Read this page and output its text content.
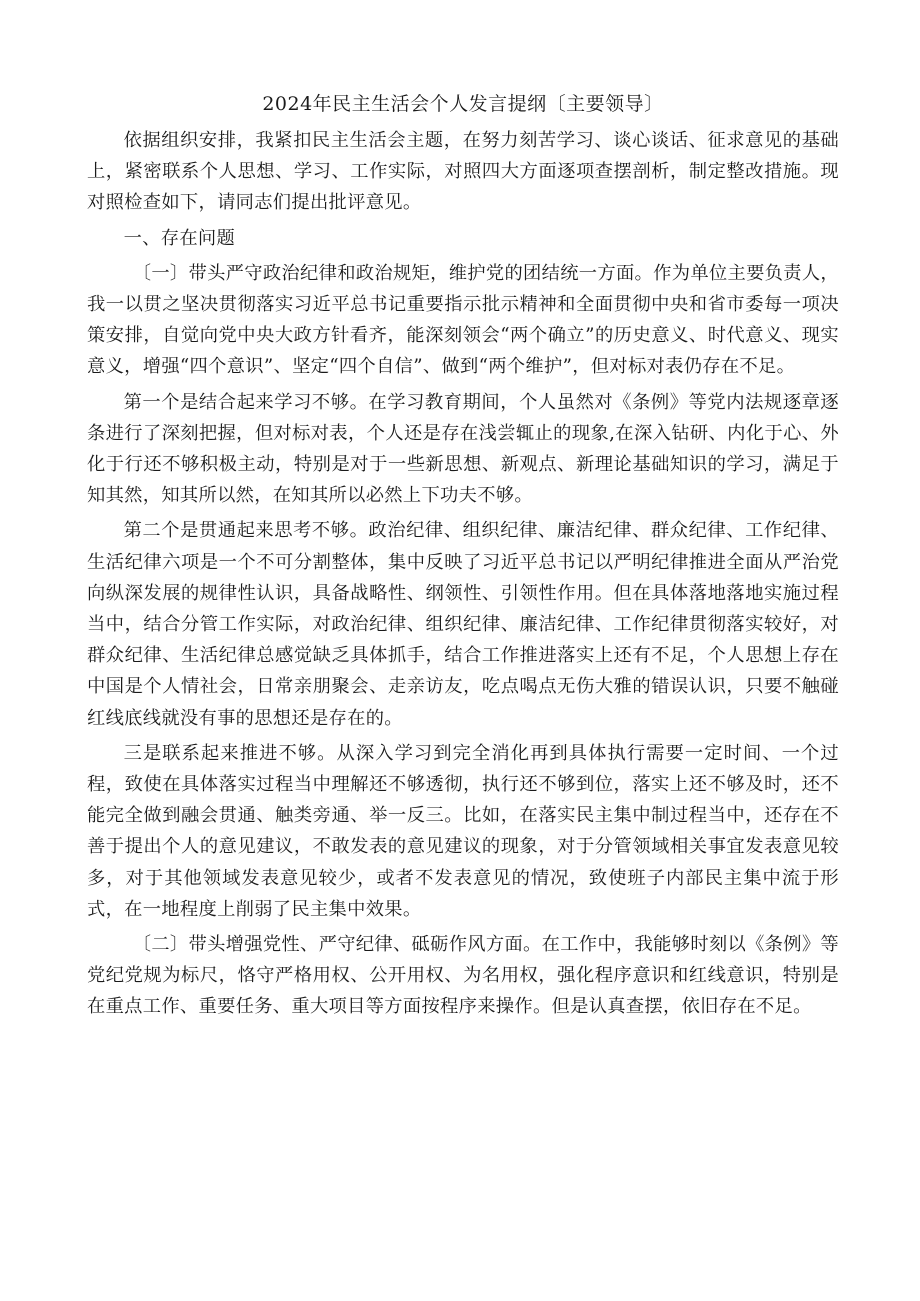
2024年民主生活会个人发言提纲〔主要领导〕

依据组织安排，我紧扣民主生活会主题，在努力刻苦学习、谈心谈话、征求意见的基础上，紧密联系个人思想、学习、工作实际，对照四大方面逐项查摆剖析，制定整改措施。现对照检查如下，请同志们提出批评意见。

一、存在问题

〔一〕带头严守政治纪律和政治规矩，维护党的团结统一方面。作为单位主要负责人，我一以贯之坚决贯彻落实习近平总书记重要指示批示精神和全面贯彻中央和省市委每一项决策安排，自觉向党中央大政方针看齐，能深刻领会“两个确立”的历史意义、时代意义、现实意义，增强“四个意识”、坚定“四个自信”、做到“两个维护”，但对标对表仍存在不足。

第一个是结合起来学习不够。在学习教育期间，个人虽然对《条例》等党内法规逐章逐条进行了深刻把握，但对标对表，个人还是存在浅尝辄止的现象,在深入钻研、内化于心、外化于行还不够积极主动，特别是对于一些新思想、新观点、新理论基础知识的学习，满足于知其然，知其所以然，在知其所以必然上下功夫不够。

第二个是贯通起来思考不够。政治纪律、组织纪律、廉洁纪律、群众纪律、工作纪律、生活纪律六项是一个不可分割整体，集中反映了习近平总书记以严明纪律推进全面从严治党向纵深发展的规律性认识，具备战略性、纲领性、引领性作用。但在具体落地落地实施过程当中，结合分管工作实际，对政治纪律、组织纪律、廉洁纪律、工作纪律贯彻落实较好，对群众纪律、生活纪律总感觉缺乏具体抓手，结合工作推进落实上还有不足，个人思想上存在中国是个人情社会，日常亲朋聚会、走亲访友，吃点喝点无伤大雅的错误认识，只要不触碰红线底线就没有事的思想还是存在的。

三是联系起来推进不够。从深入学习到完全消化再到具体执行需要一定时间、一个过程，致使在具体落实过程当中理解还不够透彻，执行还不够到位，落实上还不够及时，还不能完全做到融会贯通、触类旁通、举一反三。比如，在落实民主集中制过程当中，还存在不善于提出个人的意见建议，不敢发表的意见建议的现象，对于分管领域相关事宜发表意见较多，对于其他领域发表意见较少，或者不发表意见的情况，致使班子内部民主集中流于形式，在一地程度上削弱了民主集中效果。

〔二〕带头增强党性、严守纪律、砥砺作风方面。在工作中，我能够时刻以《条例》等党纪党规为标尺，恪守严格用权、公开用权、为名用权，强化程序意识和红线意识，特别是在重点工作、重要任务、重大项目等方面按程序来操作。但是认真查摆，依旧存在不足。
